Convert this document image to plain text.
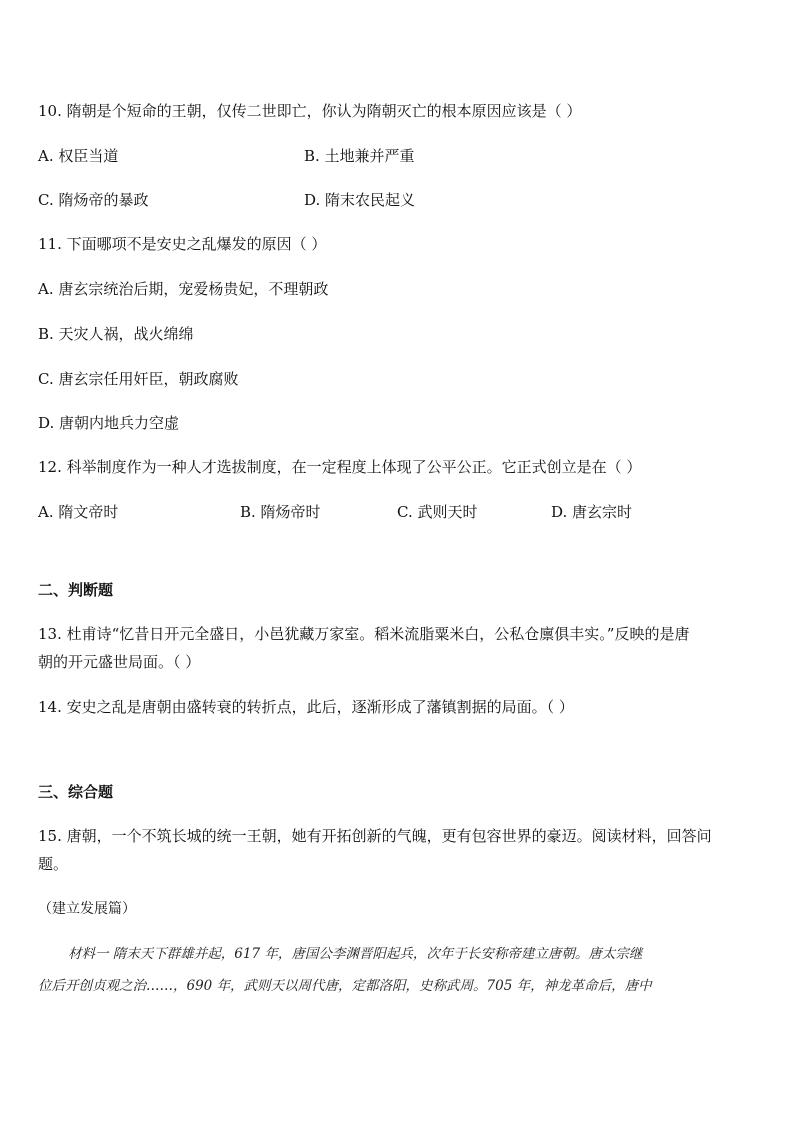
10. 隋朝是个短命的王朝，仅传二世即亡，你认为隋朝灭亡的根本原因应该是（ ）
A. 权臣当道	B. 土地兼并严重
C. 隋炀帝的暴政	D. 隋末农民起义
11. 下面哪项不是安史之乱爆发的原因（ ）
A. 唐玄宗统治后期，宠爱杨贵妃，不理朝政
B. 天灾人祸，战火绵绵
C. 唐玄宗任用奸臣，朝政腐败
D. 唐朝内地兵力空虚
12. 科举制度作为一种人才选拔制度，在一定程度上体现了公平公正。它正式创立是在（ ）
A. 隋文帝时	B. 隋炀帝时	C. 武则天时	D. 唐玄宗时
二、判断题
13. 杜甫诗“忆昔日开元全盛日，小邑犹藏万家室。稻米流脂粟米白，公私仓廪俱丰实。”反映的是唐
朝的开元盛世局面。（ ）
14. 安史之乱是唐朝由盛转衰的转折点，此后，逐渐形成了藩镇割据的局面。（ ）
三、综合题
15. 唐朝，一个不筑长城的统一王朝，她有开拓创新的气魄，更有包容世界的豪迈。阅读材料，回答问
题。
（建立发展篇）
材料一 隋末天下群雄并起，617 年，唐国公李渊晋阳起兵，次年于长安称帝建立唐朝。唐太宗继
位后开创贞观之治……，690 年，武则天以周代唐，定都洛阳，史称武周。705 年，神龙革命后，唐中
